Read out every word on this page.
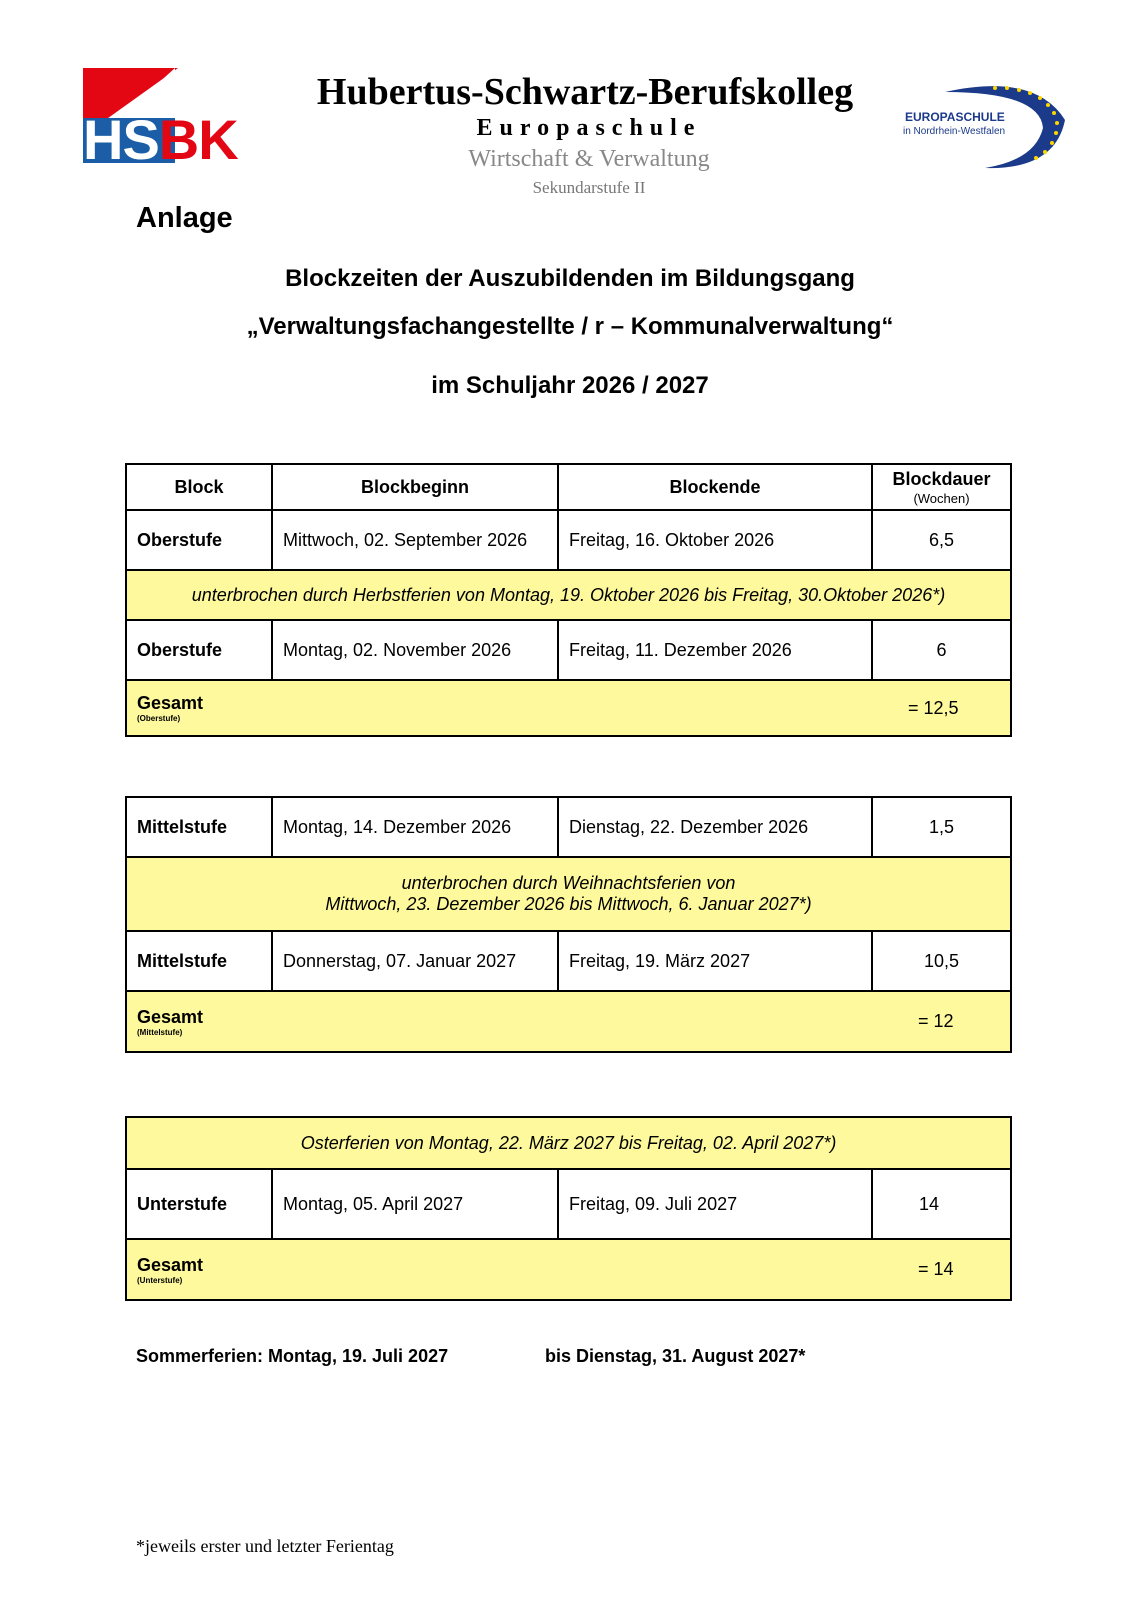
HSBK	EUROPASCHULE
in Nordrhein-Westfalen
Hubertus-Schwartz-Berufskolleg
Europaschule
Wirtschaft & Verwaltung
Sekundarstufe II
Anlage
Blockzeiten der Auszubildenden im Bildungsgang
„Verwaltungsfachangestellte / r – Kommunalverwaltung“
im Schuljahr 2026 / 2027
Block	Blockbeginn	Blockende	Blockdauer
(Wochen)

Oberstufe	Mittwoch, 02. September 2026	Freitag, 16. Oktober 2026	6,5
unterbrochen durch Herbstferien von Montag, 19. Oktober 2026 bis Freitag, 30.Oktober 2026*)			
Oberstufe	Montag, 02. November 2026	Freitag, 11. Dezember 2026	6
Gesamt
(Oberstufe)
= 12,5			
Mittelstufe	Montag, 14. Dezember 2026	Dienstag, 22. Dezember 2026	1,5

unterbrochen durch Weihnachtsferien von
Mittwoch, 23. Dezember 2026 bis Mittwoch, 6. Januar 2027*)			

Mittelstufe	Donnerstag, 07. Januar 2027	Freitag, 19. März 2027	10,5
Gesamt
(Mittelstufe)
= 12			
Osterferien von Montag, 22. März 2027 bis Freitag, 02. April 2027*)
Unterstufe	Montag, 05. April 2027	Freitag, 09. Juli 2027	14
Gesamt
(Unterstufe)
= 14
Sommerferien: Montag, 19. Juli 2027	bis Dienstag, 31. August 2027*
*jeweils erster und letzter Ferientag
